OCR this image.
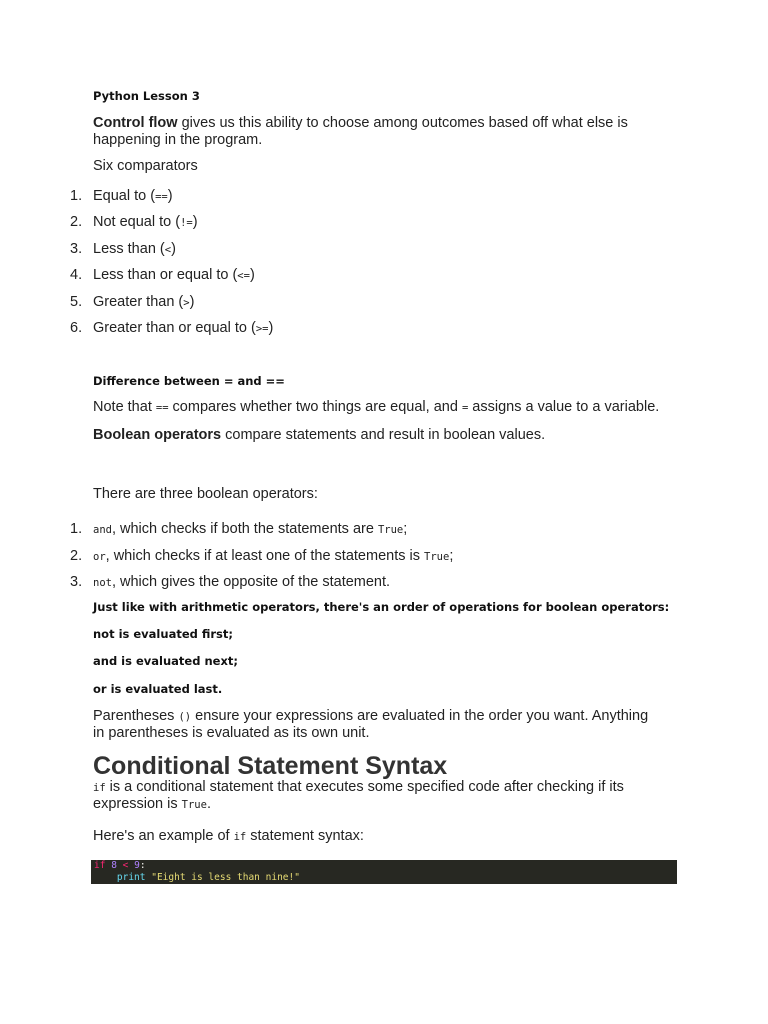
Python Lesson 3
Control flow gives us this ability to choose among outcomes based off what else is
happening in the program.
Six comparators
1. Equal to (==)
2. Not equal to (!=)
3. Less than (<)
4. Less than or equal to (<=)
5. Greater than (>)
6. Greater than or equal to (>=)
Difference between = and ==
Note that == compares whether two things are equal, and = assigns a value to a variable.
Boolean operators compare statements and result in boolean values.
There are three boolean operators:
1. and, which checks if both the statements are True;
2. or, which checks if at least one of the statements is True;
3. not, which gives the opposite of the statement.
Just like with arithmetic operators, there's an order of operations for boolean operators:
not is evaluated first;
and is evaluated next;
or is evaluated last.
Parentheses () ensure your expressions are evaluated in the order you want. Anything
in parentheses is evaluated as its own unit.
Conditional Statement Syntax
if is a conditional statement that executes some specified code after checking if its
expression is True.
Here's an example of if statement syntax:
if 8 < 9:
print "Eight is less than nine!"
